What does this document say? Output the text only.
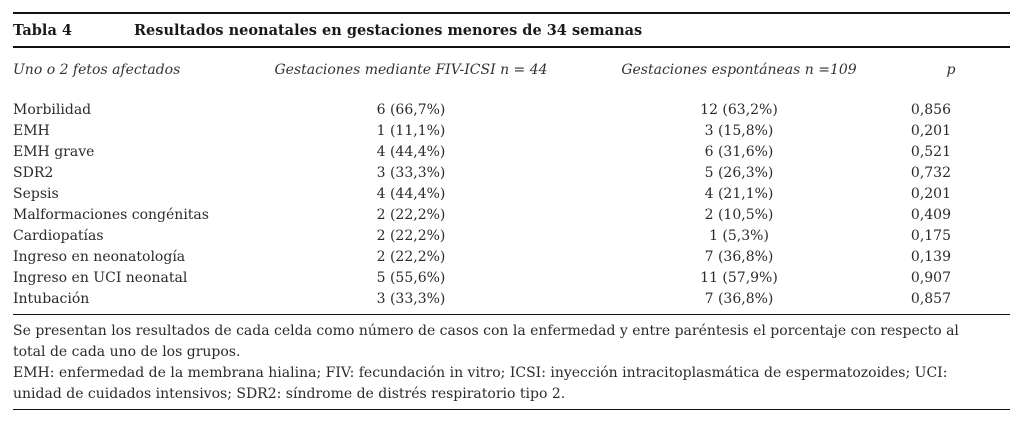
Tabla 4	Resultados neonatales en gestaciones menores de 34 semanas
Uno o 2 fetos afectados	Gestaciones mediante FIV-ICSI n = 44	Gestaciones espontáneas n =109	p
Morbilidad	6 (66,7%)	12 (63,2%)	0,856
EMH	1 (11,1%)	3 (15,8%)	0,201
EMH grave	4 (44,4%)	6 (31,6%)	0,521
SDR2	3 (33,3%)	5 (26,3%)	0,732
Sepsis	4 (44,4%)	4 (21,1%)	0,201
Malformaciones congénitas	2 (22,2%)	2 (10,5%)	0,409
Cardiopatías	2 (22,2%)	1 (5,3%)	0,175
Ingreso en neonatología	2 (22,2%)	7 (36,8%)	0,139
Ingreso en UCI neonatal	5 (55,6%)	11 (57,9%)	0,907
Intubación	3 (33,3%)	7 (36,8%)	0,857
Se presentan los resultados de cada celda como número de casos con la enfermedad y entre paréntesis el porcentaje con respecto al
total de cada uno de los grupos.
EMH: enfermedad de la membrana hialina; FIV: fecundación in vitro; ICSI: inyección intracitoplasmática de espermatozoides; UCI:
unidad de cuidados intensivos; SDR2: síndrome de distrés respiratorio tipo 2.
